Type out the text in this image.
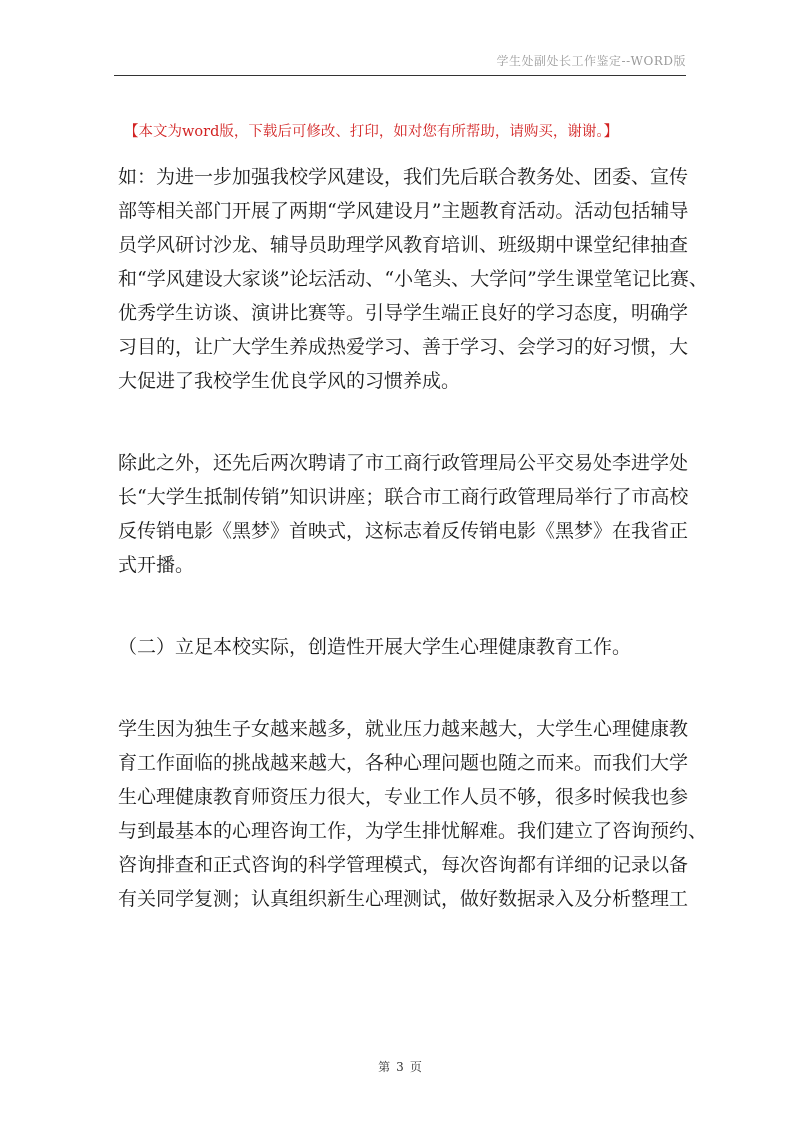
学生处副处长工作鉴定--WORD版
【本文为word版，下载后可修改、打印，如对您有所帮助，请购买，谢谢。】
如：为进一步加强我校学风建设，我们先后联合教务处、团委、宣传
部等相关部门开展了两期“学风建设月”主题教育活动。活动包括辅导
员学风研讨沙龙、辅导员助理学风教育培训、班级期中课堂纪律抽查
和“学风建设大家谈”论坛活动、“小笔头、大学问”学生课堂笔记比赛、
优秀学生访谈、演讲比赛等。引导学生端正良好的学习态度，明确学
习目的，让广大学生养成热爱学习、善于学习、会学习的好习惯，大
大促进了我校学生优良学风的习惯养成。
除此之外，还先后两次聘请了市工商行政管理局公平交易处李进学处
长“大学生抵制传销”知识讲座；联合市工商行政管理局举行了市高校
反传销电影《黑梦》首映式，这标志着反传销电影《黑梦》在我省正
式开播。
（二）立足本校实际，创造性开展大学生心理健康教育工作。
学生因为独生子女越来越多，就业压力越来越大，大学生心理健康教
育工作面临的挑战越来越大，各种心理问题也随之而来。而我们大学
生心理健康教育师资压力很大，专业工作人员不够，很多时候我也参
与到最基本的心理咨询工作，为学生排忧解难。我们建立了咨询预约、
咨询排查和正式咨询的科学管理模式，每次咨询都有详细的记录以备
有关同学复测；认真组织新生心理测试，做好数据录入及分析整理工
第 3 页
